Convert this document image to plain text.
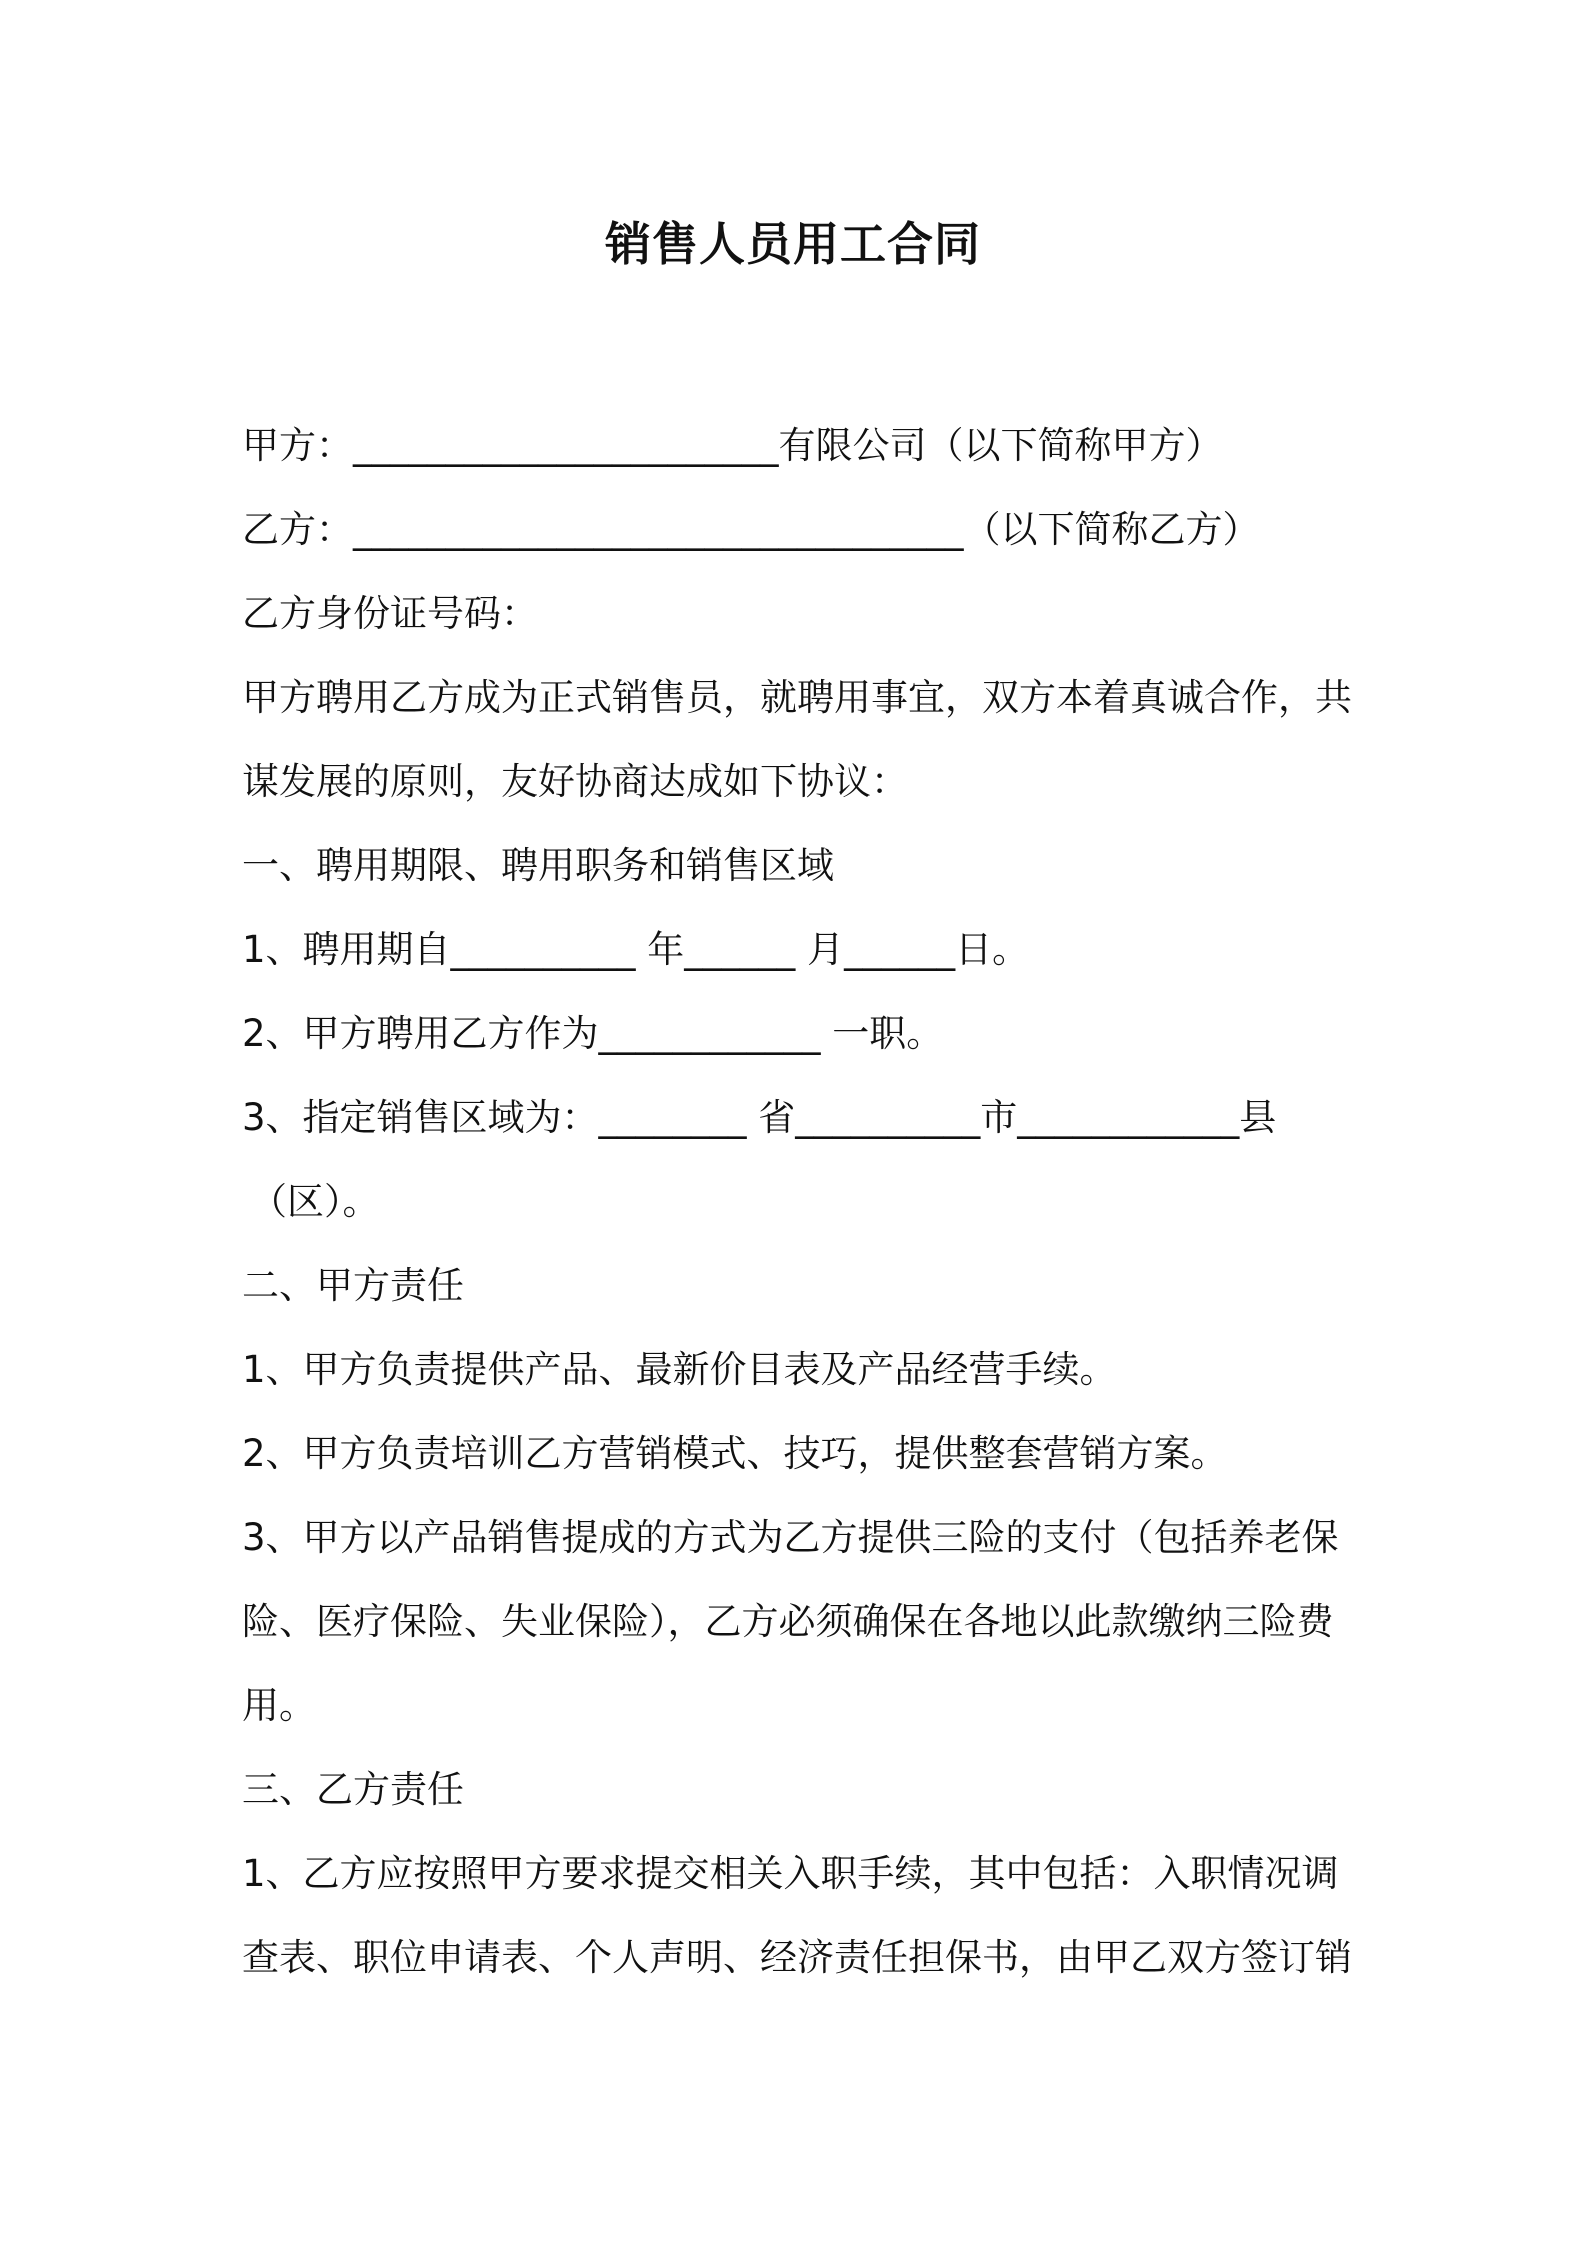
销售人员用工合同
甲方：_______________________有限公司（以下简称甲方）
乙方：_________________________________（以下简称乙方）
乙方身份证号码：
甲方聘用乙方成为正式销售员，就聘用事宜，双方本着真诚合作，共
谋发展的原则，友好协商达成如下协议：
一、聘用期限、聘用职务和销售区域
1、聘用期自__________ 年______ 月______日。
2、甲方聘用乙方作为____________ 一职。
3、指定销售区域为：________ 省__________市____________县
（区）。
二、甲方责任
1、甲方负责提供产品、最新价目表及产品经营手续。
2、甲方负责培训乙方营销模式、技巧，提供整套营销方案。
3、甲方以产品销售提成的方式为乙方提供三险的支付（包括养老保
险、医疗保险、失业保险），乙方必须确保在各地以此款缴纳三险费
用。
三、乙方责任
1、乙方应按照甲方要求提交相关入职手续，其中包括：入职情况调
查表、职位申请表、个人声明、经济责任担保书，由甲乙双方签订销
